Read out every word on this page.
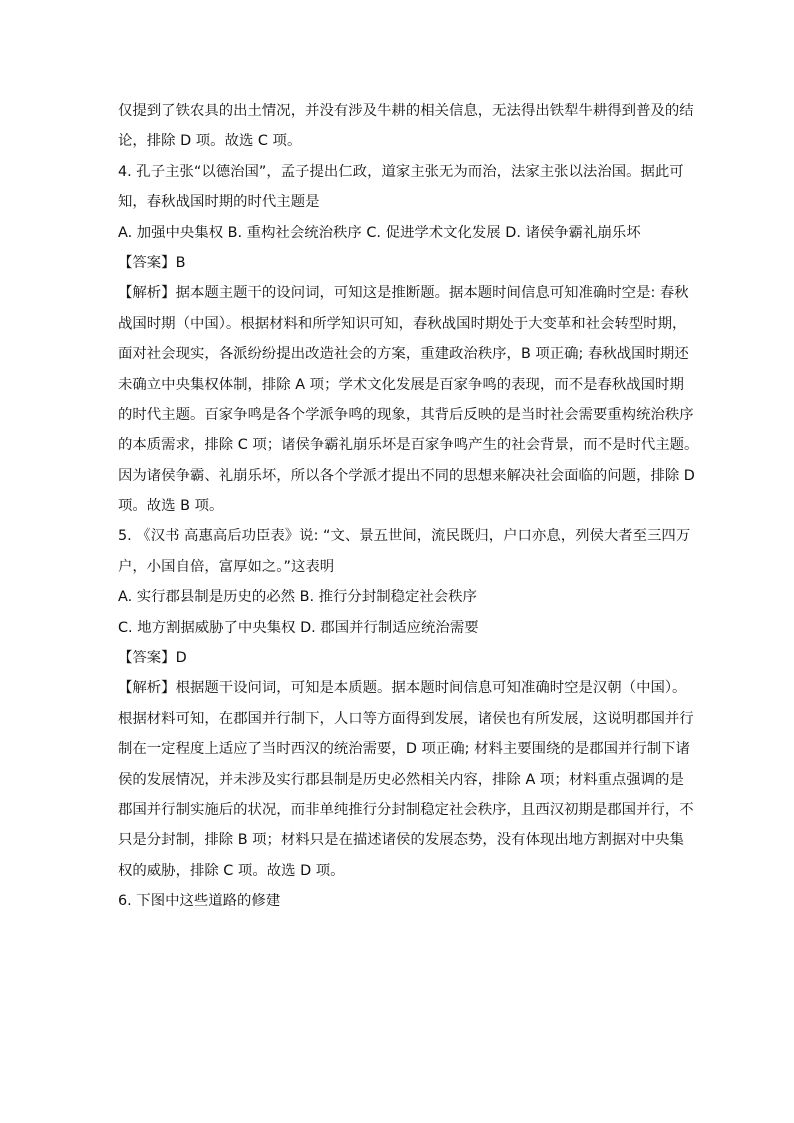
仅提到了铁农具的出土情况，并没有涉及牛耕的相关信息，无法得出铁犁牛耕得到普及的结
论，排除 D 项。故选 C 项。
4. 孔子主张“以德治国”，孟子提出仁政，道家主张无为而治，法家主张以法治国。据此可
知，春秋战国时期的时代主题是
A. 加强中央集权 B. 重构社会统治秩序 C. 促进学术文化发展 D. 诸侯争霸礼崩乐坏
【答案】B
【解析】据本题主题干的设问词，可知这是推断题。据本题时间信息可知准确时空是: 春秋
战国时期（中国）。根据材料和所学知识可知，春秋战国时期处于大变革和社会转型时期，
面对社会现实，各派纷纷提出改造社会的方案，重建政治秩序，B 项正确; 春秋战国时期还
未确立中央集权体制，排除 A 项；学术文化发展是百家争鸣的表现，而不是春秋战国时期
的时代主题。百家争鸣是各个学派争鸣的现象，其背后反映的是当时社会需要重构统治秩序
的本质需求，排除 C 项；诸侯争霸礼崩乐坏是百家争鸣产生的社会背景，而不是时代主题。
因为诸侯争霸、礼崩乐坏，所以各个学派才提出不同的思想来解决社会面临的问题，排除 D
项。故选 B 项。
5. 《汉书 高惠高后功臣表》说: “文、景五世间，流民既归，户口亦息，列侯大者至三四万
户，小国自倍，富厚如之。”这表明
A. 实行郡县制是历史的必然 B. 推行分封制稳定社会秩序
C. 地方割据威胁了中央集权 D. 郡国并行制适应统治需要
【答案】D
【解析】根据题干设问词，可知是本质题。据本题时间信息可知准确时空是汉朝（中国）。
根据材料可知，在郡国并行制下，人口等方面得到发展，诸侯也有所发展，这说明郡国并行
制在一定程度上适应了当时西汉的统治需要，D 项正确; 材料主要围绕的是郡国并行制下诸
侯的发展情况，并未涉及实行郡县制是历史必然相关内容，排除 A 项；材料重点强调的是
郡国并行制实施后的状况，而非单纯推行分封制稳定社会秩序，且西汉初期是郡国并行，不
只是分封制，排除 B 项；材料只是在描述诸侯的发展态势，没有体现出地方割据对中央集
权的威胁，排除 C 项。故选 D 项。
6. 下图中这些道路的修建
